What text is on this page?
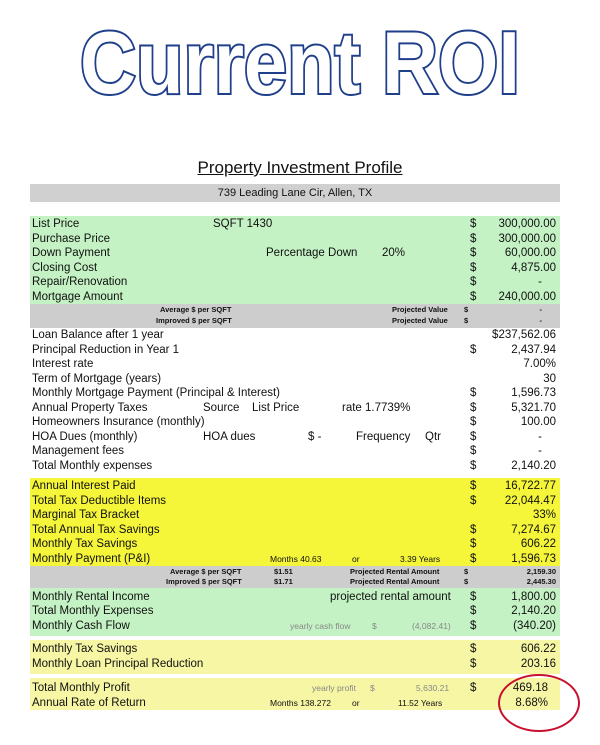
Current ROI
Property Investment Profile
739 Leading Lane Cir, Allen, TX
List Price	SQFT 1430	$ 300,000.00
Purchase Price	$ 300,000.00
Down Payment	Percentage Down 20%	$ 60,000.00
Closing Cost	$	4,875.00
Repair/Renovation	$	-
Mortgage Amount	$ 240,000.00
Average $ per SQFT	Projected Value $	-
Improved $ per SQFT	Projected Value $	-
Loan Balance after 1 year	$237,562.06
Principal Reduction in Year 1	$	2,437.94
Interest rate	7.00%
Term of Mortgage (years)	30
Monthly Mortgage Payment (Principal & Interest)	$	1,596.73
Annual Property Taxes	Source List Price	rate 1.7739%	$	5,321.70
Homeowners Insurance (monthly)	$	100.00
HOA Dues (monthly)	HOA dues	$ -	Frequency Qtr	$	-
Management fees	$	-
Total Monthly expenses	$	2,140.20
Annual Interest Paid	$ 16,722.77
Total Tax Deductible Items	$ 22,044.47
Marginal Tax Bracket	33%
Total Annual Tax Savings	$	7,274.67
Monthly Tax Savings	$	606.22
Monthly Payment (P&I)	Months 40.63	or	3.39 Years	$	1,596.73
Average $ per SQFT	$1.51	Projected Rental Amount	$	2,159.30
Improved $ per SQFT	$1.71	Projected Rental Amount	$	2,445.30
Monthly Rental Income	projected rental amount $	1,800.00
Total Monthly Expenses	$	2,140.20
Monthly Cash Flow	yearly cash flow	$	(4,082.41) $	(340.20)
Monthly Tax Savings	$	606.22
Monthly Loan Principal Reduction	$	203.16
Total Monthly Profit	yearly profit $	5,630.21 $	469.18
Annual Rate of Return	Months 138.272 or	11.52 Years	8.68%
